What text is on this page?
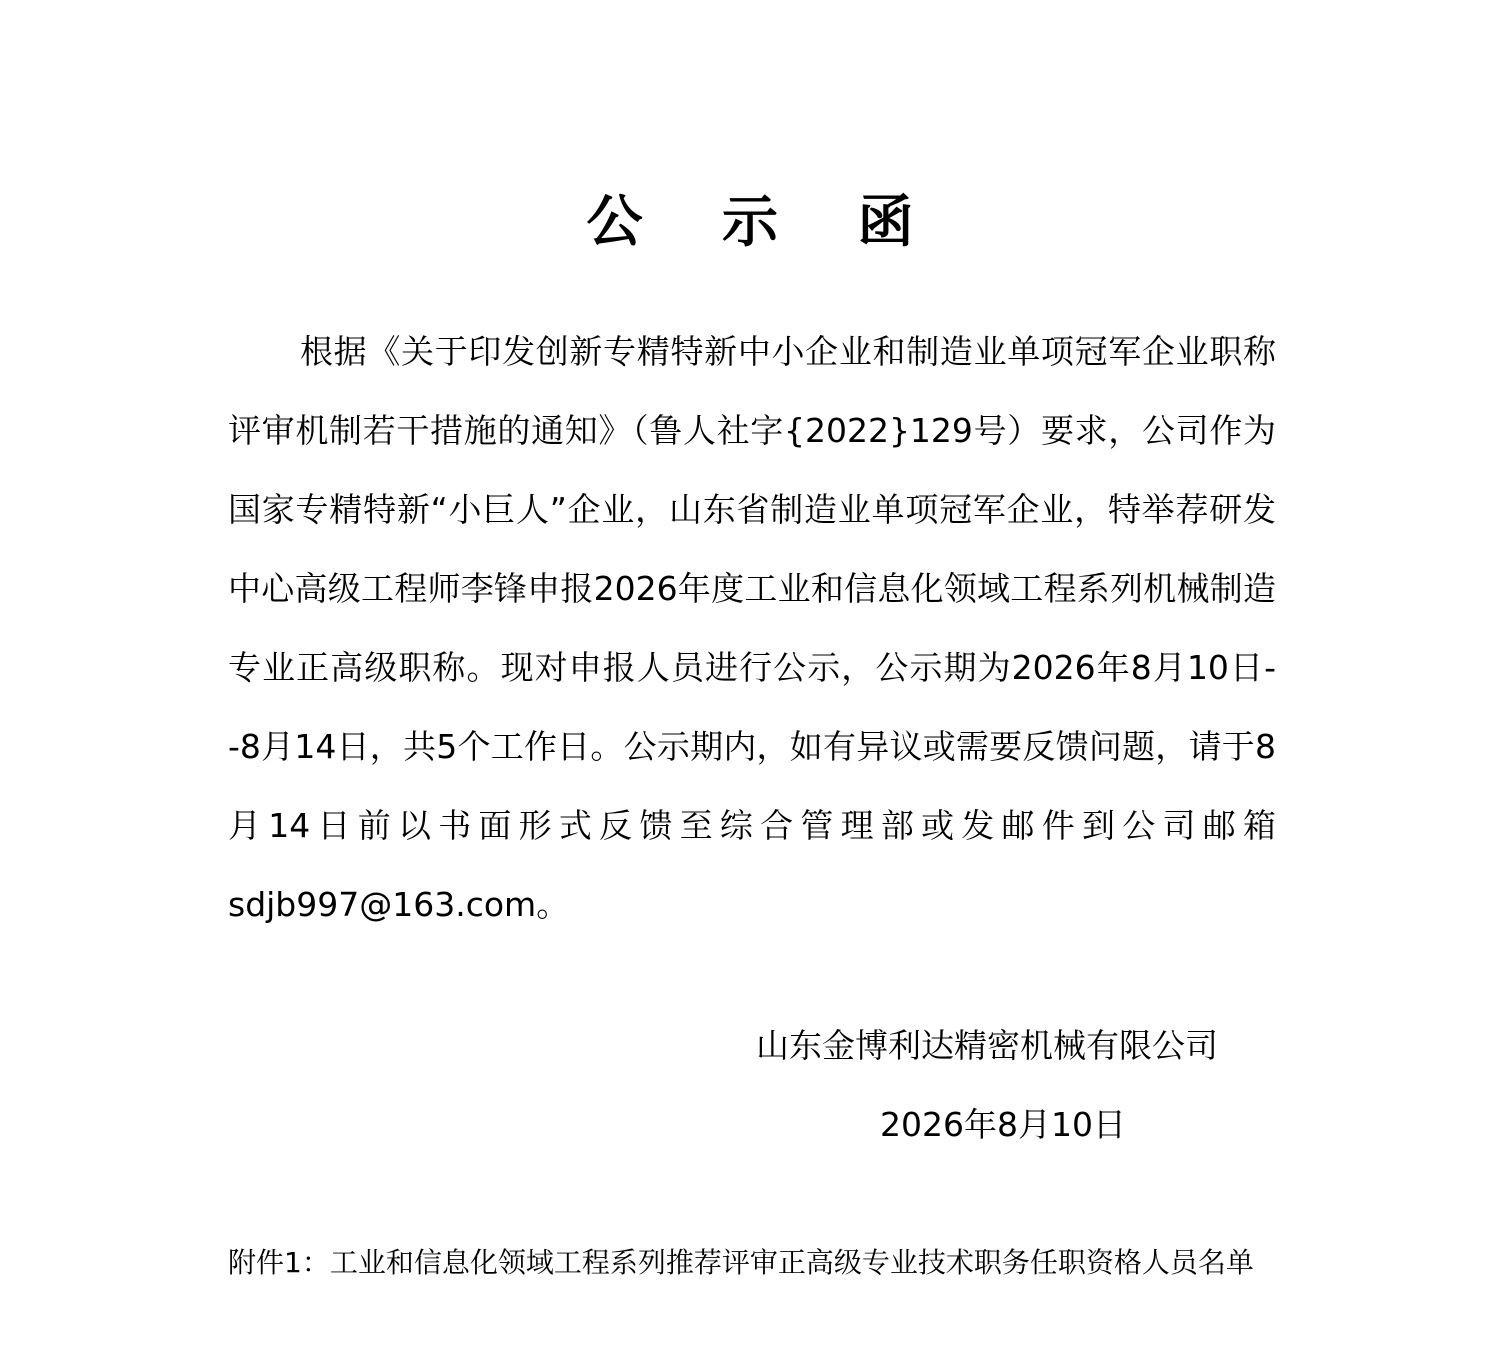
公 示 函

根据《关于印发创新专精特新中小企业和制造业单项冠军企业职称评审机制若干措施的通知》（鲁人社字{2022}129号）要求，公司作为国家专精特新“小巨人”企业，山东省制造业单项冠军企业，特举荐研发中心高级工程师李锋申报2026年度工业和信息化领域工程系列机械制造专业正高级职称。现对申报人员进行公示，公示期为2026年8月10日--8月14日，共5个工作日。公示期内，如有异议或需要反馈问题，请于8月14日前以书面形式反馈至综合管理部或发邮件到公司邮箱sdjb997@163.com。

山东金博利达精密机械有限公司
2026年8月10日
附件1：工业和信息化领域工程系列推荐评审正高级专业技术职务任职资格人员名单
